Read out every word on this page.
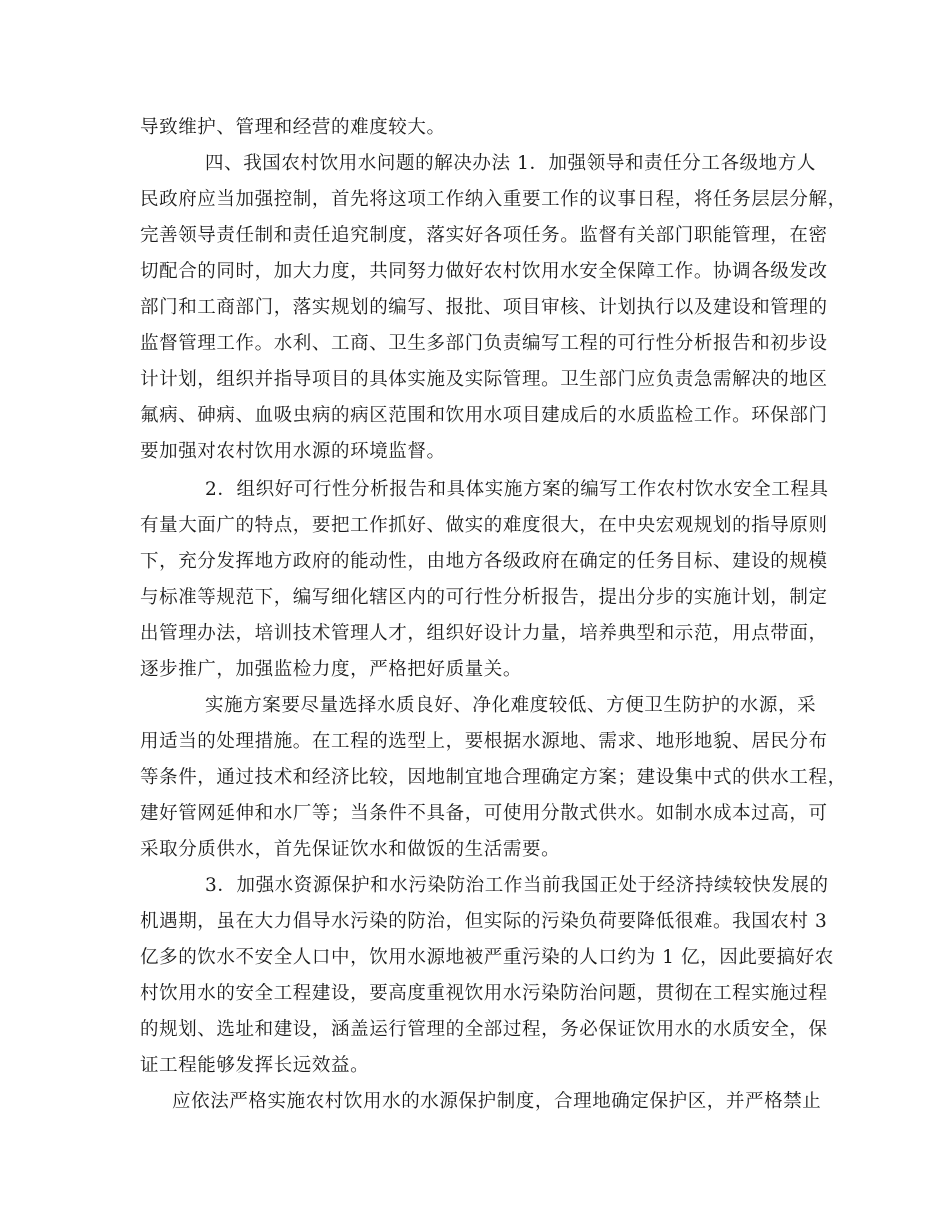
导致维护、管理和经营的难度较大。
四、我国农村饮用水问题的解决办法 1．加强领导和责任分工各级地方人
民政府应当加强控制，首先将这项工作纳入重要工作的议事日程，将任务层层分解，
完善领导责任制和责任追究制度，落实好各项任务。监督有关部门职能管理，在密
切配合的同时，加大力度，共同努力做好农村饮用水安全保障工作。协调各级发改
部门和工商部门，落实规划的编写、报批、项目审核、计划执行以及建设和管理的
监督管理工作。水利、工商、卫生多部门负责编写工程的可行性分析报告和初步设
计计划，组织并指导项目的具体实施及实际管理。卫生部门应负责急需解决的地区
氟病、砷病、血吸虫病的病区范围和饮用水项目建成后的水质监检工作。环保部门
要加强对农村饮用水源的环境监督。
2．组织好可行性分析报告和具体实施方案的编写工作农村饮水安全工程具
有量大面广的特点，要把工作抓好、做实的难度很大，在中央宏观规划的指导原则
下，充分发挥地方政府的能动性，由地方各级政府在确定的任务目标、建设的规模
与标准等规范下，编写细化辖区内的可行性分析报告，提出分步的实施计划，制定
出管理办法，培训技术管理人才，组织好设计力量，培养典型和示范，用点带面，
逐步推广，加强监检力度，严格把好质量关。
实施方案要尽量选择水质良好、净化难度较低、方便卫生防护的水源，采
用适当的处理措施。在工程的选型上，要根据水源地、需求、地形地貌、居民分布
等条件，通过技术和经济比较，因地制宜地合理确定方案；建设集中式的供水工程，
建好管网延伸和水厂等；当条件不具备，可使用分散式供水。如制水成本过高，可
采取分质供水，首先保证饮水和做饭的生活需要。
3．加强水资源保护和水污染防治工作当前我国正处于经济持续较快发展的
机遇期，虽在大力倡导水污染的防治，但实际的污染负荷要降低很难。我国农村 3
亿多的饮水不安全人口中，饮用水源地被严重污染的人口约为 1 亿，因此要搞好农
村饮用水的安全工程建设，要高度重视饮用水污染防治问题，贯彻在工程实施过程
的规划、选址和建设，涵盖运行管理的全部过程，务必保证饮用水的水质安全，保
证工程能够发挥长远效益。
应依法严格实施农村饮用水的水源保护制度，合理地确定保护区，并严格禁止
